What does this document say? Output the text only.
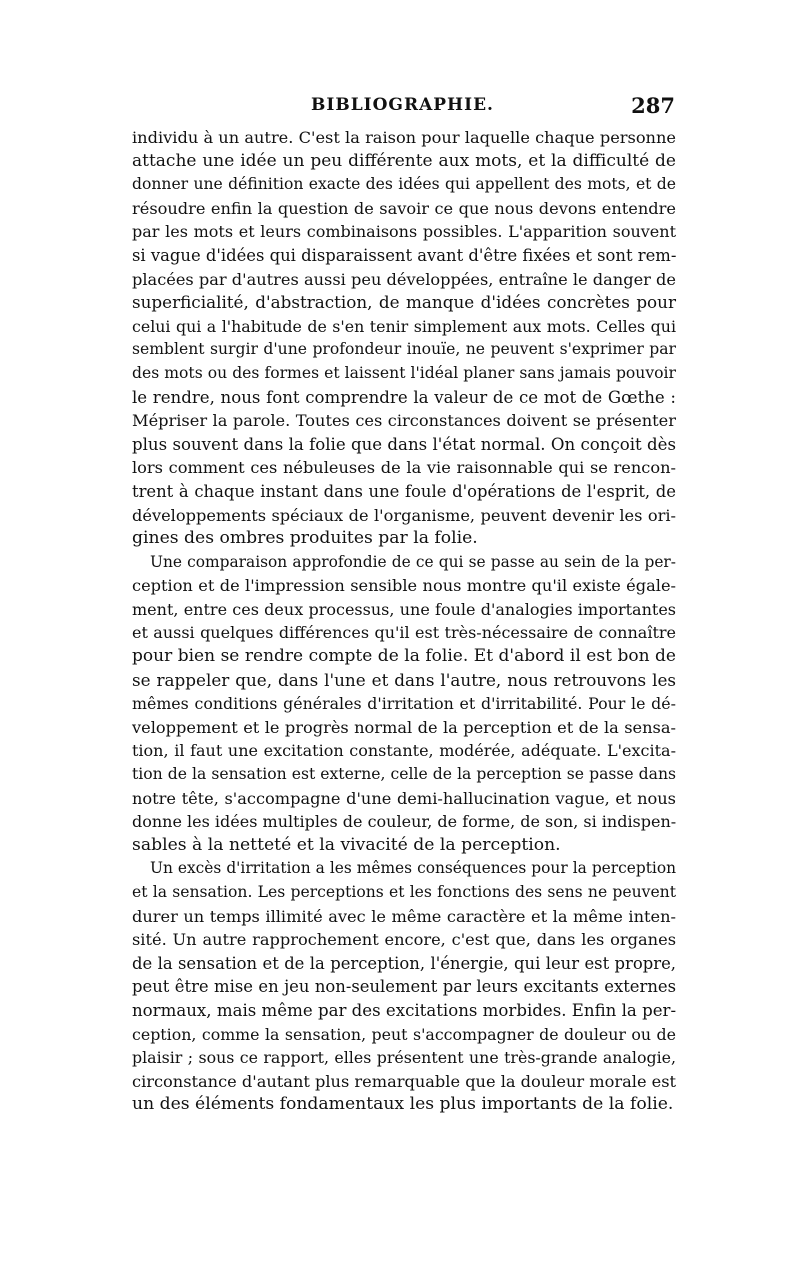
BIBLIOGRAPHIE.	287
individu à un autre. C'est la raison pour laquelle chaque personne
attache une idée un peu différente aux mots, et la difficulté de
donner une définition exacte des idées qui appellent des mots, et de
résoudre enfin la question de savoir ce que nous devons entendre
par les mots et leurs combinaisons possibles. L'apparition souvent
si vague d'idées qui disparaissent avant d'être fixées et sont rem-
placées par d'autres aussi peu développées, entraîne le danger de
superficialité, d'abstraction, de manque d'idées concrètes pour
celui qui a l'habitude de s'en tenir simplement aux mots. Celles qui
semblent surgir d'une profondeur inouïe, ne peuvent s'exprimer par
des mots ou des formes et laissent l'idéal planer sans jamais pouvoir
le rendre, nous font comprendre la valeur de ce mot de Gœthe :
Mépriser la parole. Toutes ces circonstances doivent se présenter
plus souvent dans la folie que dans l'état normal. On conçoit dès
lors comment ces nébuleuses de la vie raisonnable qui se rencon-
trent à chaque instant dans une foule d'opérations de l'esprit, de
développements spéciaux de l'organisme, peuvent devenir les ori-
gines des ombres produites par la folie.
Une comparaison approfondie de ce qui se passe au sein de la per-
ception et de l'impression sensible nous montre qu'il existe égale-
ment, entre ces deux processus, une foule d'analogies importantes
et aussi quelques différences qu'il est très-nécessaire de connaître
pour bien se rendre compte de la folie. Et d'abord il est bon de
se rappeler que, dans l'une et dans l'autre, nous retrouvons les
mêmes conditions générales d'irritation et d'irritabilité. Pour le dé-
veloppement et le progrès normal de la perception et de la sensa-
tion, il faut une excitation constante, modérée, adéquate. L'excita-
tion de la sensation est externe, celle de la perception se passe dans
notre tête, s'accompagne d'une demi-hallucination vague, et nous
donne les idées multiples de couleur, de forme, de son, si indispen-
sables à la netteté et la vivacité de la perception.
Un excès d'irritation a les mêmes conséquences pour la perception
et la sensation. Les perceptions et les fonctions des sens ne peuvent
durer un temps illimité avec le même caractère et la même inten-
sité. Un autre rapprochement encore, c'est que, dans les organes
de la sensation et de la perception, l'énergie, qui leur est propre,
peut être mise en jeu non-seulement par leurs excitants externes
normaux, mais même par des excitations morbides. Enfin la per-
ception, comme la sensation, peut s'accompagner de douleur ou de
plaisir ; sous ce rapport, elles présentent une très-grande analogie,
circonstance d'autant plus remarquable que la douleur morale est
un des éléments fondamentaux les plus importants de la folie.
